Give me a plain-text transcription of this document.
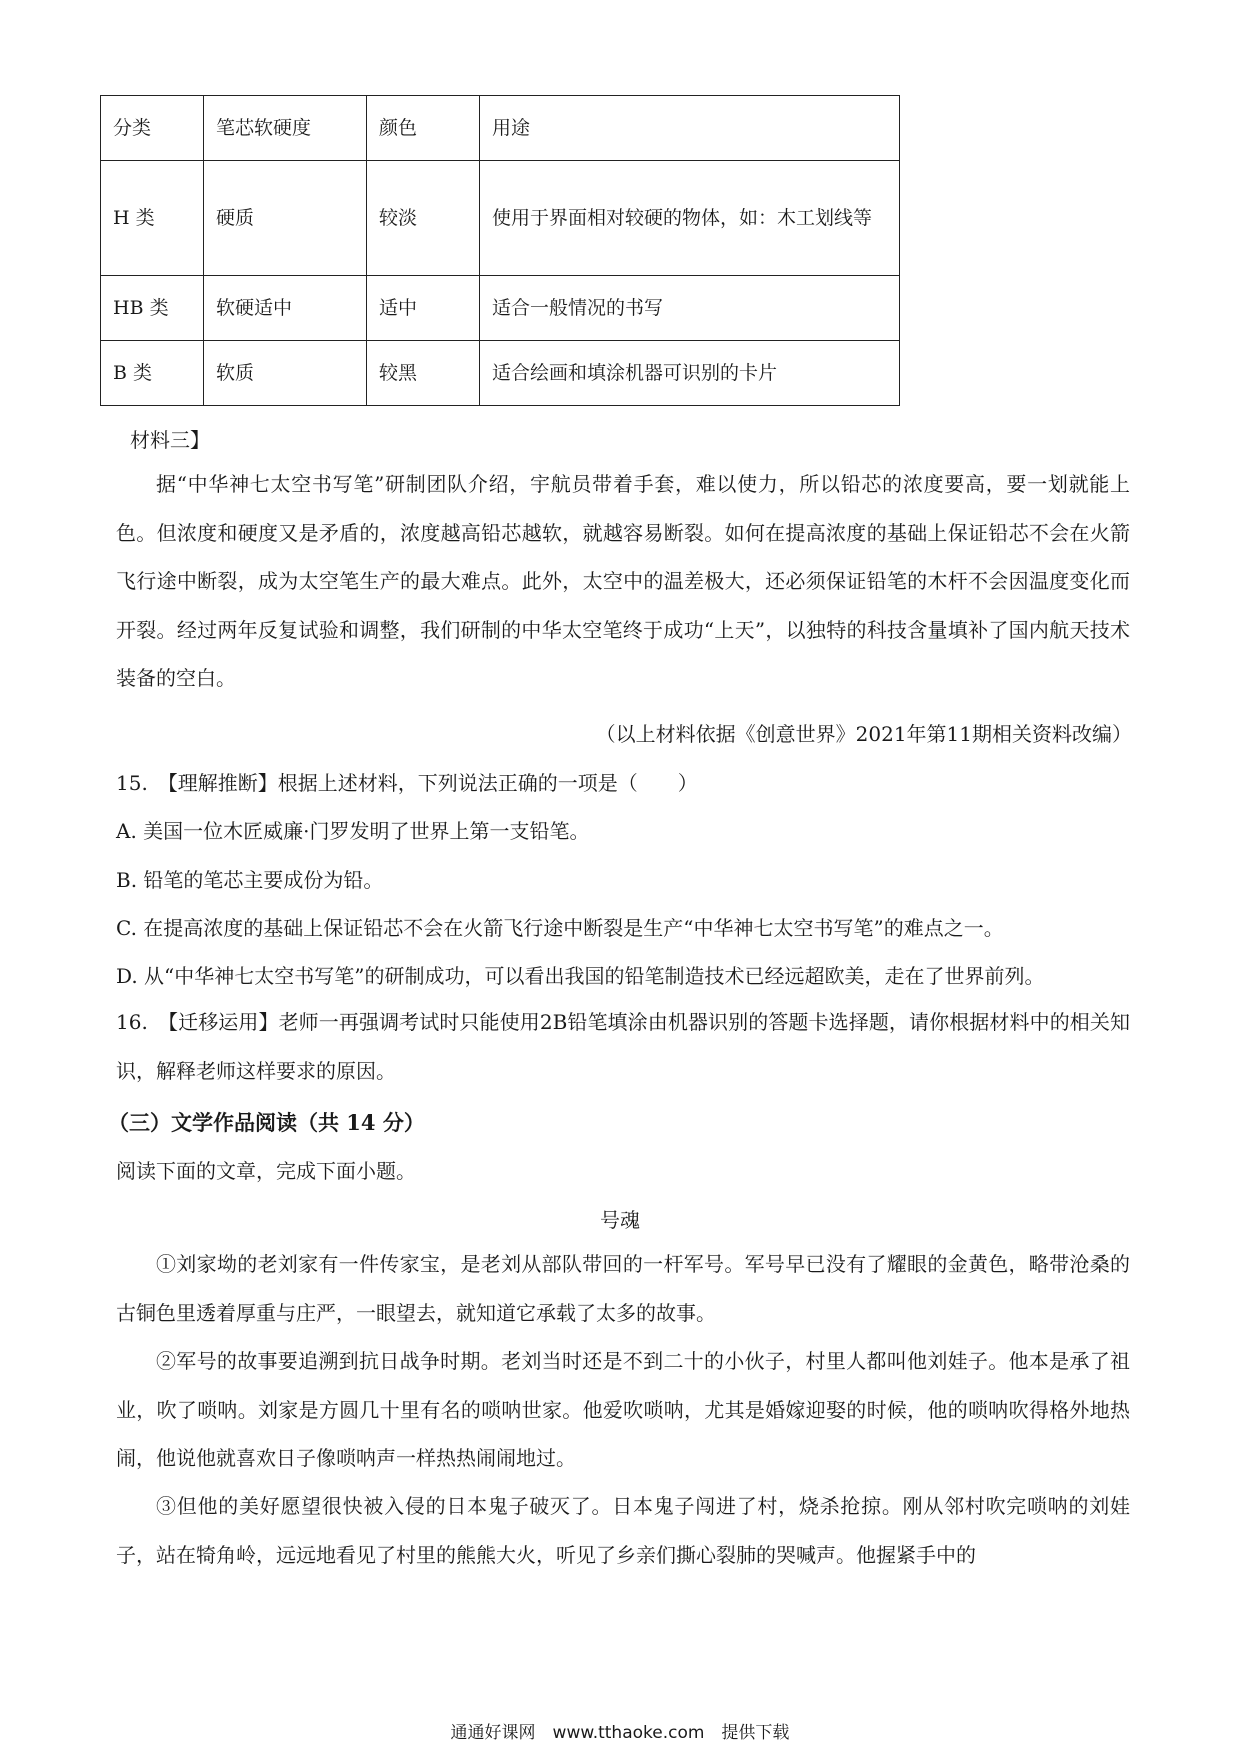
分类	笔芯软硬度	颜色	用途
H 类	硬质	较淡	使用于界面相对较硬的物体，如：木工划线等
HB 类	软硬适中	适中	适合一般情况的书写
B 类	软质	较黑	适合绘画和填涂机器可识别的卡片
材料三】
据“中华神七太空书写笔”研制团队介绍，宇航员带着手套，难以使力，所以铅芯的浓度要高，要一划就能上色。但浓度和硬度又是矛盾的，浓度越高铅芯越软，就越容易断裂。如何在提高浓度的基础上保证铅芯不会在火箭飞行途中断裂，成为太空笔生产的最大难点。此外，太空中的温差极大，还必须保证铅笔的木杆不会因温度变化而开裂。经过两年反复试验和调整，我们研制的中华太空笔终于成功“上天”，以独特的科技含量填补了国内航天技术装备的空白。
（以上材料依据《创意世界》2021年第11期相关资料改编）
15.　【理解推断】根据上述材料，下列说法正确的一项是（　　）
A. 美国一位木匠威廉·门罗发明了世界上第一支铅笔。
B. 铅笔的笔芯主要成份为铅。
C. 在提高浓度的基础上保证铅芯不会在火箭飞行途中断裂是生产“中华神七太空书写笔”的难点之一。
D. 从“中华神七太空书写笔”的研制成功，可以看出我国的铅笔制造技术已经远超欧美，走在了世界前列。
16.　【迁移运用】老师一再强调考试时只能使用2B铅笔填涂由机器识别的答题卡选择题，请你根据材料中的相关知识，解释老师这样要求的原因。
（三）文学作品阅读（共 14 分）
阅读下面的文章，完成下面小题。
号魂
①刘家坳的老刘家有一件传家宝，是老刘从部队带回的一杆军号。军号早已没有了耀眼的金黄色，略带沧桑的古铜色里透着厚重与庄严，一眼望去，就知道它承载了太多的故事。
②军号的故事要追溯到抗日战争时期。老刘当时还是不到二十的小伙子，村里人都叫他刘娃子。他本是承了祖业，吹了唢呐。刘家是方圆几十里有名的唢呐世家。他爱吹唢呐，尤其是婚嫁迎娶的时候，他的唢呐吹得格外地热闹，他说他就喜欢日子像唢呐声一样热热闹闹地过。
③但他的美好愿望很快被入侵的日本鬼子破灭了。日本鬼子闯进了村，烧杀抢掠。刚从邻村吹完唢呐的刘娃子，站在犄角岭，远远地看见了村里的熊熊大火，听见了乡亲们撕心裂肺的哭喊声。他握紧手中的
通通好课网　www.tthaoke.com　提供下载
